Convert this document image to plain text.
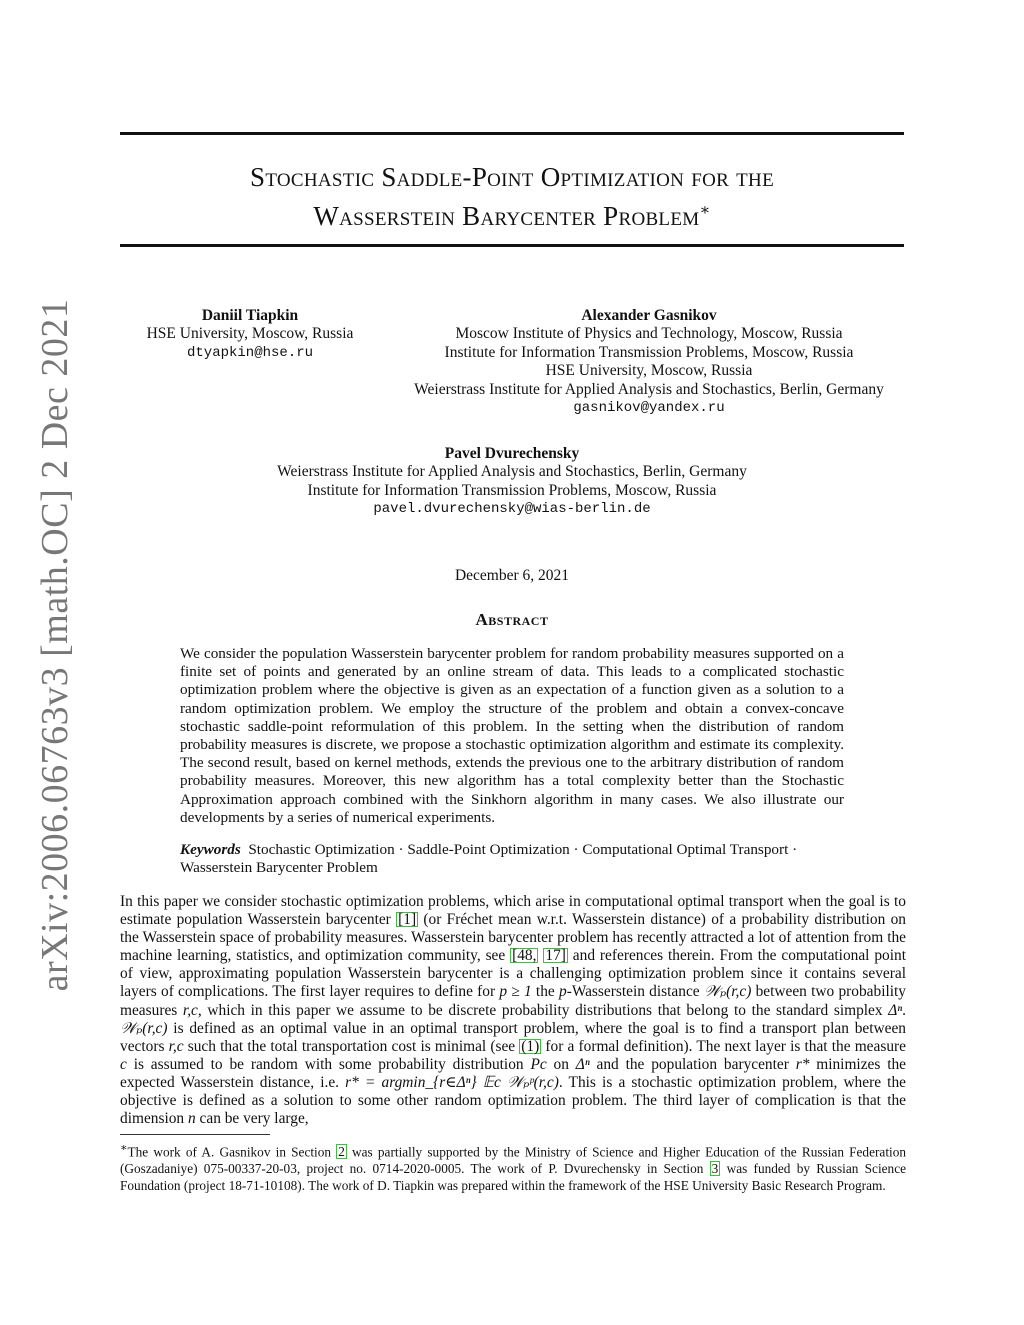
arXiv:2006.06763v3 [math.OC] 2 Dec 2021
Stochastic Saddle-Point Optimization for the
Wasserstein Barycenter Problem∗
Daniil Tiapkin
HSE University, Moscow, Russia
dtyapkin@hse.ru
Alexander Gasnikov
Moscow Institute of Physics and Technology, Moscow, Russia
Institute for Information Transmission Problems, Moscow, Russia
HSE University, Moscow, Russia
Weierstrass Institute for Applied Analysis and Stochastics, Berlin, Germany
gasnikov@yandex.ru
Pavel Dvurechensky
Weierstrass Institute for Applied Analysis and Stochastics, Berlin, Germany
Institute for Information Transmission Problems, Moscow, Russia
pavel.dvurechensky@wias-berlin.de
December 6, 2021
Abstract
We consider the population Wasserstein barycenter problem for random probability measures supported on a finite set of points and generated by an online stream of data. This leads to a complicated stochastic optimization problem where the objective is given as an expectation of a function given as a solution to a random optimization problem. We employ the structure of the problem and obtain a convex-concave stochastic saddle-point reformulation of this problem. In the setting when the distribution of random probability measures is discrete, we propose a stochastic optimization algorithm and estimate its complexity. The second result, based on kernel methods, extends the previous one to the arbitrary distribution of random probability measures. Moreover, this new algorithm has a total complexity better than the Stochastic Approximation approach combined with the Sinkhorn algorithm in many cases. We also illustrate our developments by a series of numerical experiments.
Keywords Stochastic Optimization · Saddle-Point Optimization · Computational Optimal Transport · Wasserstein Barycenter Problem
In this paper we consider stochastic optimization problems, which arise in computational optimal transport when the goal is to estimate population Wasserstein barycenter [1] (or Fréchet mean w.r.t. Wasserstein distance) of a probability distribution on the Wasserstein space of probability measures. Wasserstein barycenter problem has recently attracted a lot of attention from the machine learning, statistics, and optimization community, see [48, 17] and references therein. From the computational point of view, approximating population Wasserstein barycenter is a challenging optimization problem since it contains several layers of complications. The first layer requires to define for p ≥ 1 the p-Wasserstein distance 𝒲ₚ(r,c) between two probability measures r,c, which in this paper we assume to be discrete probability distributions that belong to the standard simplex Δⁿ. 𝒲ₚ(r,c) is defined as an optimal value in an optimal transport problem, where the goal is to find a transport plan between vectors r,c such that the total transportation cost is minimal (see (1) for a formal definition). The next layer is that the measure c is assumed to be random with some probability distribution Pc on Δⁿ and the population barycenter r* minimizes the expected Wasserstein distance, i.e. r* = argmin_{r∈Δⁿ} 𝔼c 𝒲ₚᵖ(r,c). This is a stochastic optimization problem, where the objective is defined as a solution to some other random optimization problem. The third layer of complication is that the dimension n can be very large,
∗The work of A. Gasnikov in Section 2 was partially supported by the Ministry of Science and Higher Education of the Russian Federation (Goszadaniye) 075-00337-20-03, project no. 0714-2020-0005. The work of P. Dvurechensky in Section 3 was funded by Russian Science Foundation (project 18-71-10108). The work of D. Tiapkin was prepared within the framework of the HSE University Basic Research Program.
